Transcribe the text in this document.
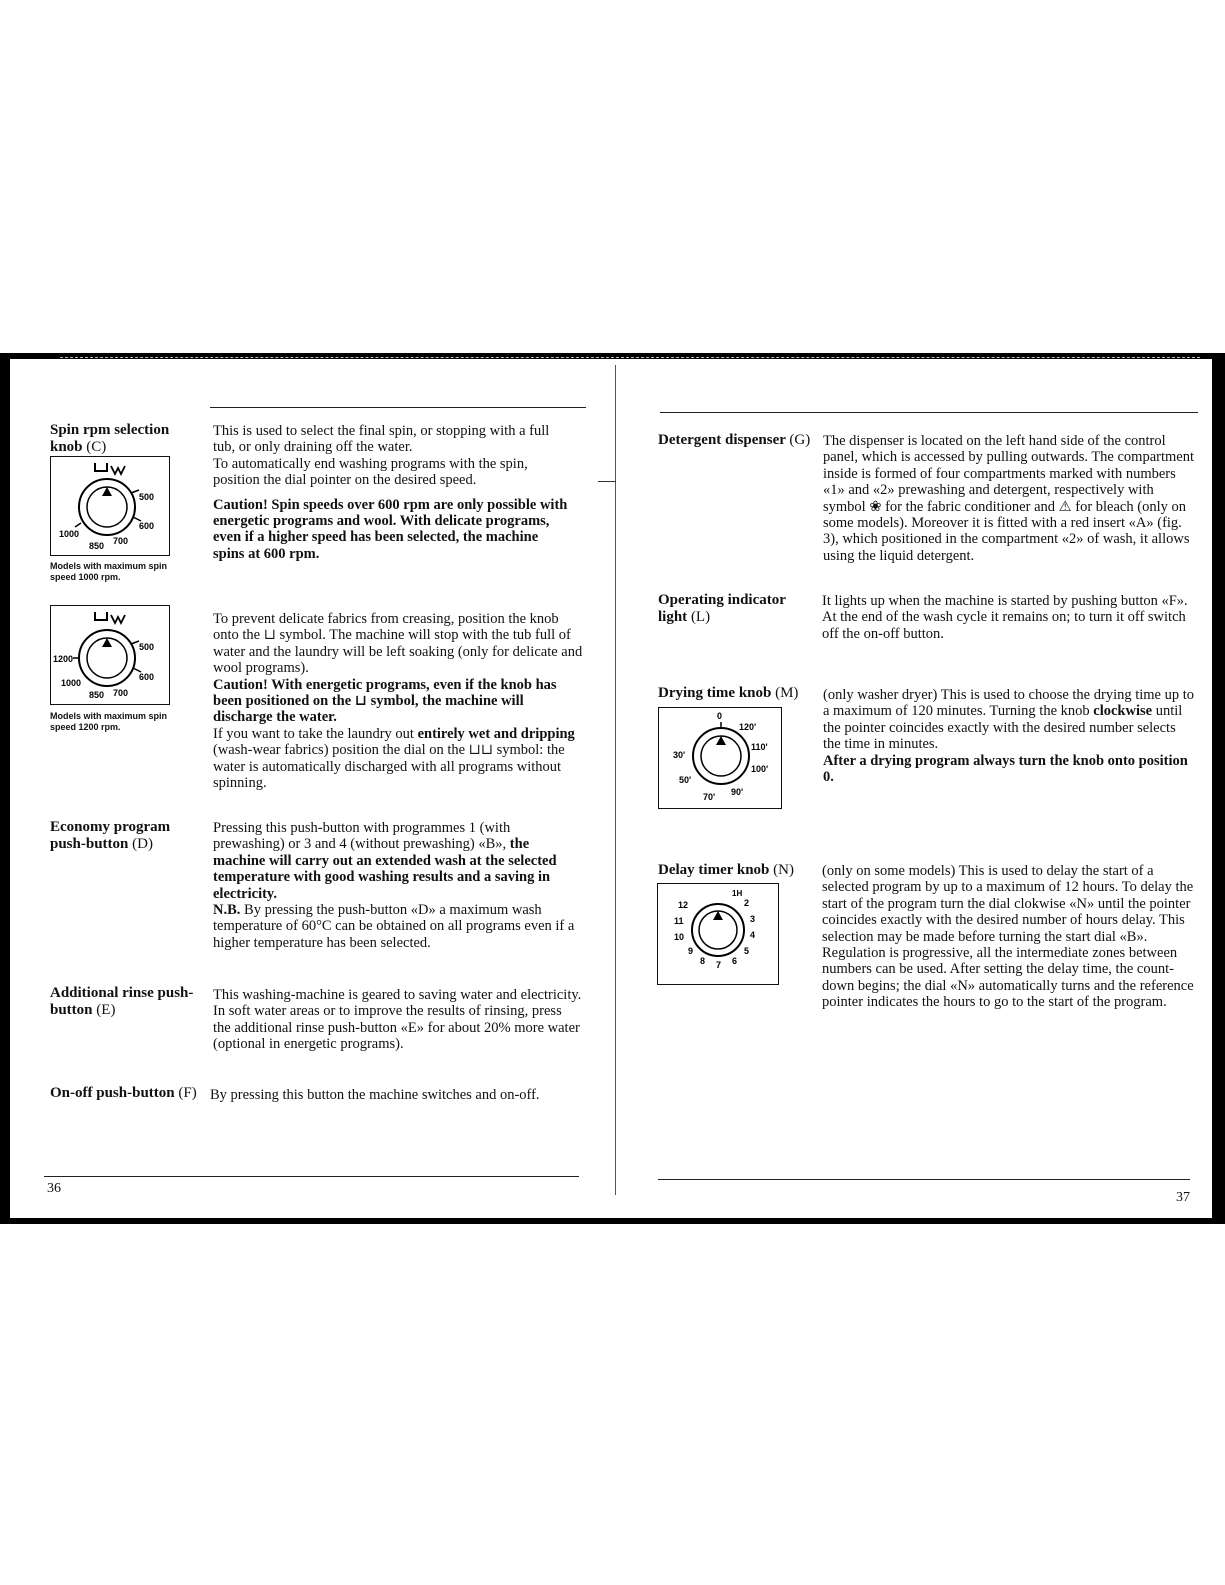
Spin rpm selection knob (C)
This is used to select the final spin, or stopping with a full tub, or only draining off the water.
To automatically end washing programs with the spin, position the dial pointer on the desired speed.
Caution! Spin speeds over 600 rpm are only possible with energetic programs and wool. With delicate programs, even if a higher speed has been selected, the machine spins at 600 rpm.
500
600
700
850
1000
Models with maximum spin speed 1000 rpm.
500
600
700
850
1000
1200
Models with maximum spin speed 1200 rpm.
To prevent delicate fabrics from creasing, position the knob onto the ⊔ symbol. The machine will stop with the tub full of water and the laundry will be left soaking (only for delicate and wool programs).
Caution! With energetic programs, even if the knob has been positioned on the ⊔ symbol, the machine will discharge the water.
If you want to take the laundry out entirely wet and dripping (wash-wear fabrics) position the dial on the ⊔⊔ symbol: the water is automatically discharged with all programs without spinning.
Economy program push-button (D)
Pressing this push-button with programmes 1 (with prewashing) or 3 and 4 (without prewashing) «B», the machine will carry out an extended wash at the selected temperature with good washing results and a saving in electricity.
N.B. By pressing the push-button «D» a maximum wash temperature of 60°C can be obtained on all programs even if a higher temperature has been selected.
Additional rinse push-button (E)
This washing-machine is geared to saving water and electricity. In soft water areas or to improve the results of rinsing, press the additional rinse push-button «E» for about 20% more water (optional in energetic programs).
On-off push-button (F) By pressing this button the machine switches and on-off.
36
Detergent dispenser (G) The dispenser is located on the left hand side of the control panel, which is accessed by pulling outwards. The compartment inside is formed of four compartments marked with numbers «1» and «2» prewashing and detergent, respectively with symbol ❀ for the fabric conditioner and ⚠ for bleach (only on some models). Moreover it is fitted with a red insert «A» (fig. 3), which positioned in the compartment «2» of wash, it allows using the liquid detergent.
Operating indicator light (L)
It lights up when the machine is started by pushing button «F». At the end of the wash cycle it remains on; to turn it off switch off the on-off button.
Drying time knob (M)
0
120'
110'
100'
90'
70'
50'
30'
(only washer dryer) This is used to choose the drying time up to a maximum of 120 minutes. Turning the knob clockwise until the pointer coincides exactly with the desired number selects the time in minutes.
After a drying program always turn the knob onto position 0.
Delay timer knob (N)
1H
2
3
4
5
6
7
8
9
10
11
12
(only on some models) This is used to delay the start of a selected program by up to a maximum of 12 hours. To delay the start of the program turn the dial clokwise «N» until the pointer coincides exactly with the desired number of hours delay. This selection may be made before turning the start dial «B». Regulation is progressive, all the intermediate zones between numbers can be used. After setting the delay time, the count-down begins; the dial «N» automatically turns and the reference pointer indicates the hours to go to the start of the program.
37
